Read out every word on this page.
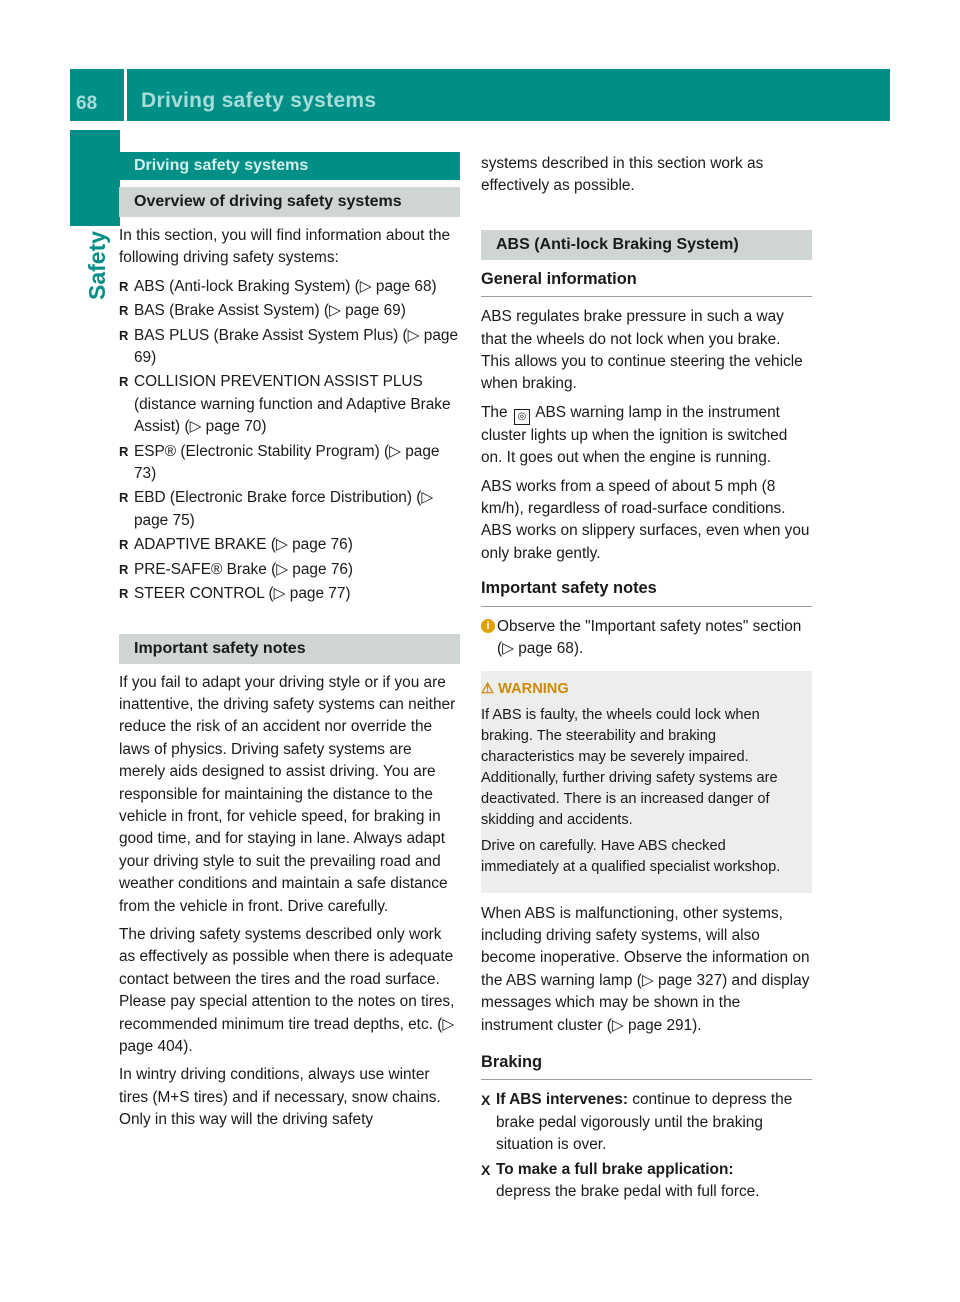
68 Driving safety systems
Safety
Driving safety systems
Overview of driving safety systems

In this section, you will find information about the following driving safety systems:

R ABS (Anti-lock Braking System) (▷ page 68)
R BAS (Brake Assist System) (▷ page 69)
R BAS PLUS (Brake Assist System Plus) (▷ page 69)
R COLLISION PREVENTION ASSIST PLUS (distance warning function and Adaptive Brake Assist) (▷ page 70)
R ESP® (Electronic Stability Program) (▷ page 73)
R EBD (Electronic Brake force Distribution) (▷ page 75)
R ADAPTIVE BRAKE (▷ page 76)
R PRE-SAFE® Brake (▷ page 76)
R STEER CONTROL (▷ page 77)
Important safety notes

If you fail to adapt your driving style or if you are inattentive, the driving safety systems can neither reduce the risk of an accident nor override the laws of physics. Driving safety systems are merely aids designed to assist driving. You are responsible for maintaining the distance to the vehicle in front, for vehicle speed, for braking in good time, and for staying in lane. Always adapt your driving style to suit the prevailing road and weather conditions and maintain a safe distance from the vehicle in front. Drive carefully.

The driving safety systems described only work as effectively as possible when there is adequate contact between the tires and the road surface. Please pay special attention to the notes on tires, recommended minimum tire tread depths, etc. (▷ page 404).

In wintry driving conditions, always use winter tires (M+S tires) and if necessary, snow chains. Only in this way will the driving safety

systems described in this section work as effectively as possible.

ABS (Anti-lock Braking System)
General information

ABS regulates brake pressure in such a way that the wheels do not lock when you brake. This allows you to continue steering the vehicle when braking.

The ◎ ABS warning lamp in the instrument cluster lights up when the ignition is switched on. It goes out when the engine is running.

ABS works from a speed of about 5 mph (8 km/h), regardless of road-surface conditions. ABS works on slippery surfaces, even when you only brake gently.

Important safety notes
i Observe the "Important safety notes" section (▷ page 68).
⚠ WARNING

If ABS is faulty, the wheels could lock when braking. The steerability and braking characteristics may be severely impaired. Additionally, further driving safety systems are deactivated. There is an increased danger of skidding and accidents.

Drive on carefully. Have ABS checked immediately at a qualified specialist workshop.

When ABS is malfunctioning, other systems, including driving safety systems, will also become inoperative. Observe the information on the ABS warning lamp (▷ page 327) and display messages which may be shown in the instrument cluster (▷ page 291).

Braking
X If ABS intervenes: continue to depress the brake pedal vigorously until the braking situation is over.
X To make a full brake application:
depress the brake pedal with full force.
